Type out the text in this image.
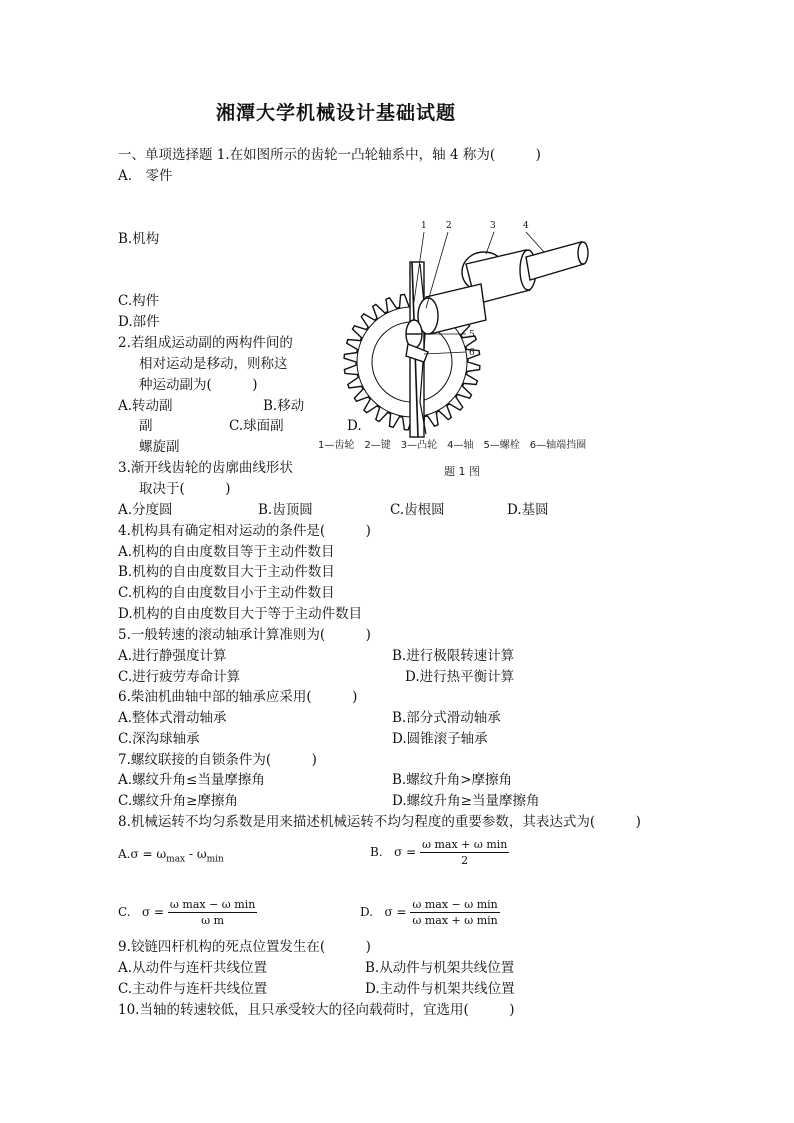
湘潭大学机械设计基础试题
一、单项选择题 1.在如图所示的齿轮一凸轮轴系中，轴 4 称为(　　　)
A.　零件
B.机构
C.构件
D.部件
2.若组成运动副的两构件间的
相对运动是移动，则称这
种运动副为(　　　)
A.转动副	B.移动
副	C.球面副	D.
螺旋副
1 2	3	4
5
6
1—齿轮　2—键　3—凸轮　4—轴　5—螺栓　6—轴端挡圈
题 1 图
3.渐开线齿轮的齿廓曲线形状
取决于(　　　)
A.分度圆	B.齿顶圆	C.齿根圆	D.基圆
4.机构具有确定相对运动的条件是(　　　)
A.机构的自由度数目等于主动件数目
B.机构的自由度数目大于主动件数目
C.机构的自由度数目小于主动件数目
D.机构的自由度数目大于等于主动件数目
5.一般转速的滚动轴承计算准则为(　　　)
A.进行静强度计算	B.进行极限转速计算
C.进行疲劳寿命计算	D.进行热平衡计算
6.柴油机曲轴中部的轴承应采用(　　　)
A.整体式滑动轴承	B.部分式滑动轴承
C.深沟球轴承	D.圆锥滚子轴承
7.螺纹联接的自锁条件为(　　　)
A.螺纹升角≤当量摩擦角	B.螺纹升角>摩擦角
C.螺纹升角≥摩擦角	D.螺纹升角≥当量摩擦角
8.机械运转不均匀系数是用来描述机械运转不均匀程度的重要参数，其表达式为(　　　)
$A.\sigma = \omega_{max} - \omega_{min}$
B. $\sigma = \frac{\text{ω max + ω min}}{2}$
C. $\sigma = \frac{\text{ω max − ω min}}{\text{ω m}}$	D. $\sigma = \frac{\text{ω max − ω min}}{\text{ω max + ω min}}$
9.铰链四杆机构的死点位置发生在(　　　)
A.从动件与连杆共线位置	B.从动件与机架共线位置
C.主动件与连杆共线位置	D.主动件与机架共线位置
10.当轴的转速较低，且只承受较大的径向载荷时，宜选用(　　　)
